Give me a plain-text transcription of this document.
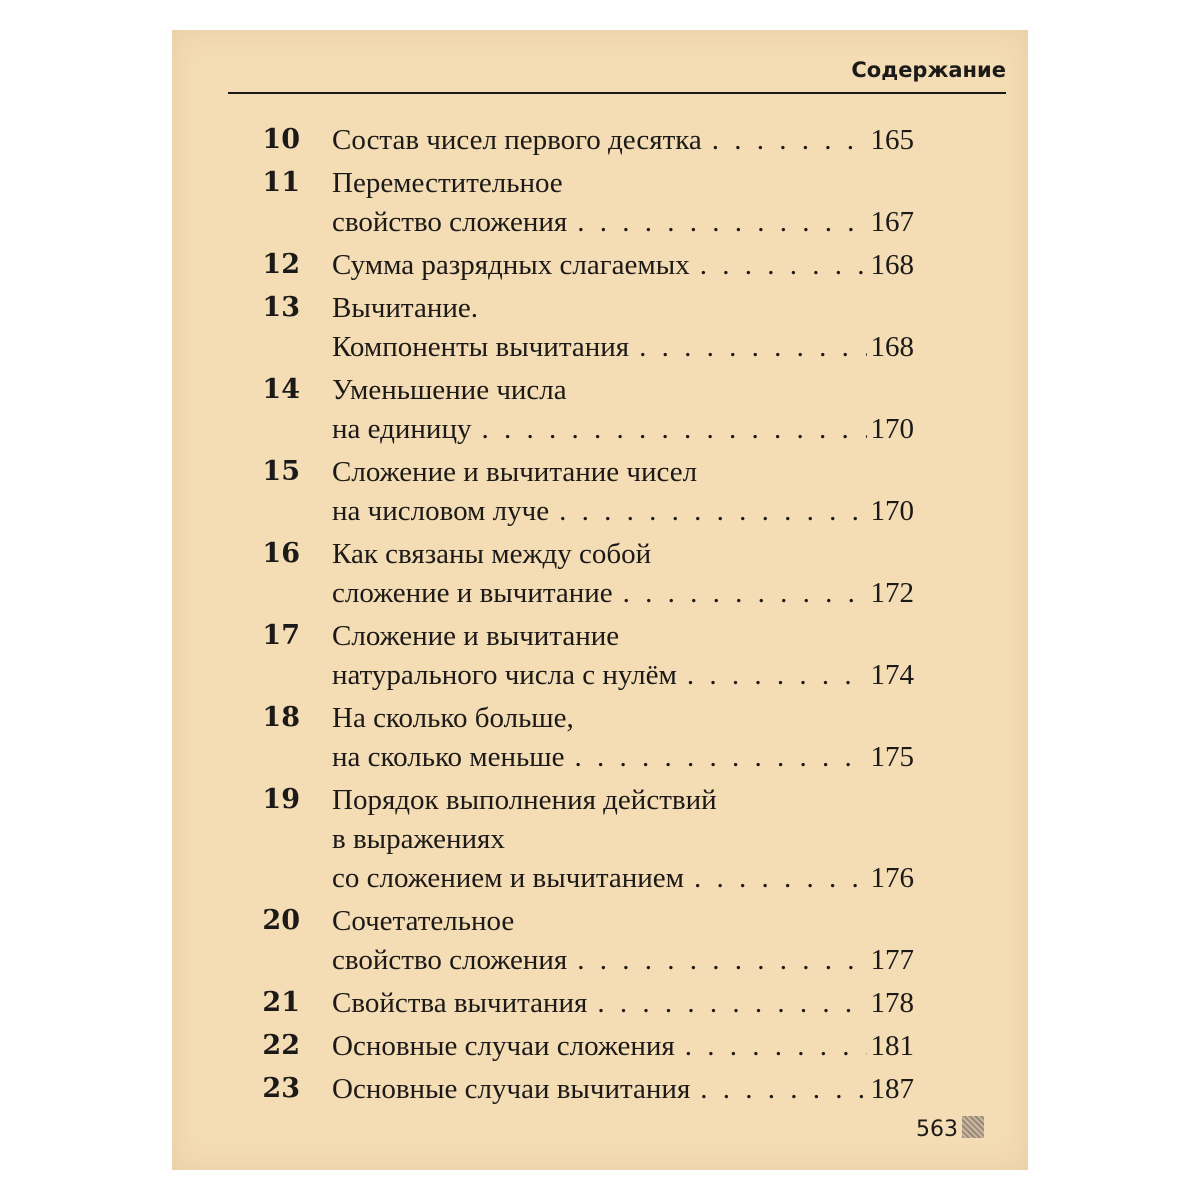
Содержание
10 Состав чисел первого десятка . . .	165
11 Переместительное
свойство сложения . . .	167
12 Сумма разрядных слагаемых . . .	168
13 Вычитание.
Компоненты вычитания . . .	168
14 Уменьшение числа
на единицу . . .	170
15 Сложение и вычитание чисел
на числовом луче . . .	170
16 Как связаны между собой
сложение и вычитание . . .	172
17 Сложение и вычитание
натурального числа с нулём . . .	174
18 На сколько больше,
на сколько меньше . . .	175
19 Порядок выполнения действий
в выражениях
со сложением и вычитанием . . .	176
20 Сочетательное
свойство сложения . . .	177
21 Свойства вычитания . . .	178
22 Основные случаи сложения . . .	181
23 Основные случаи вычитания . . .	187
563
